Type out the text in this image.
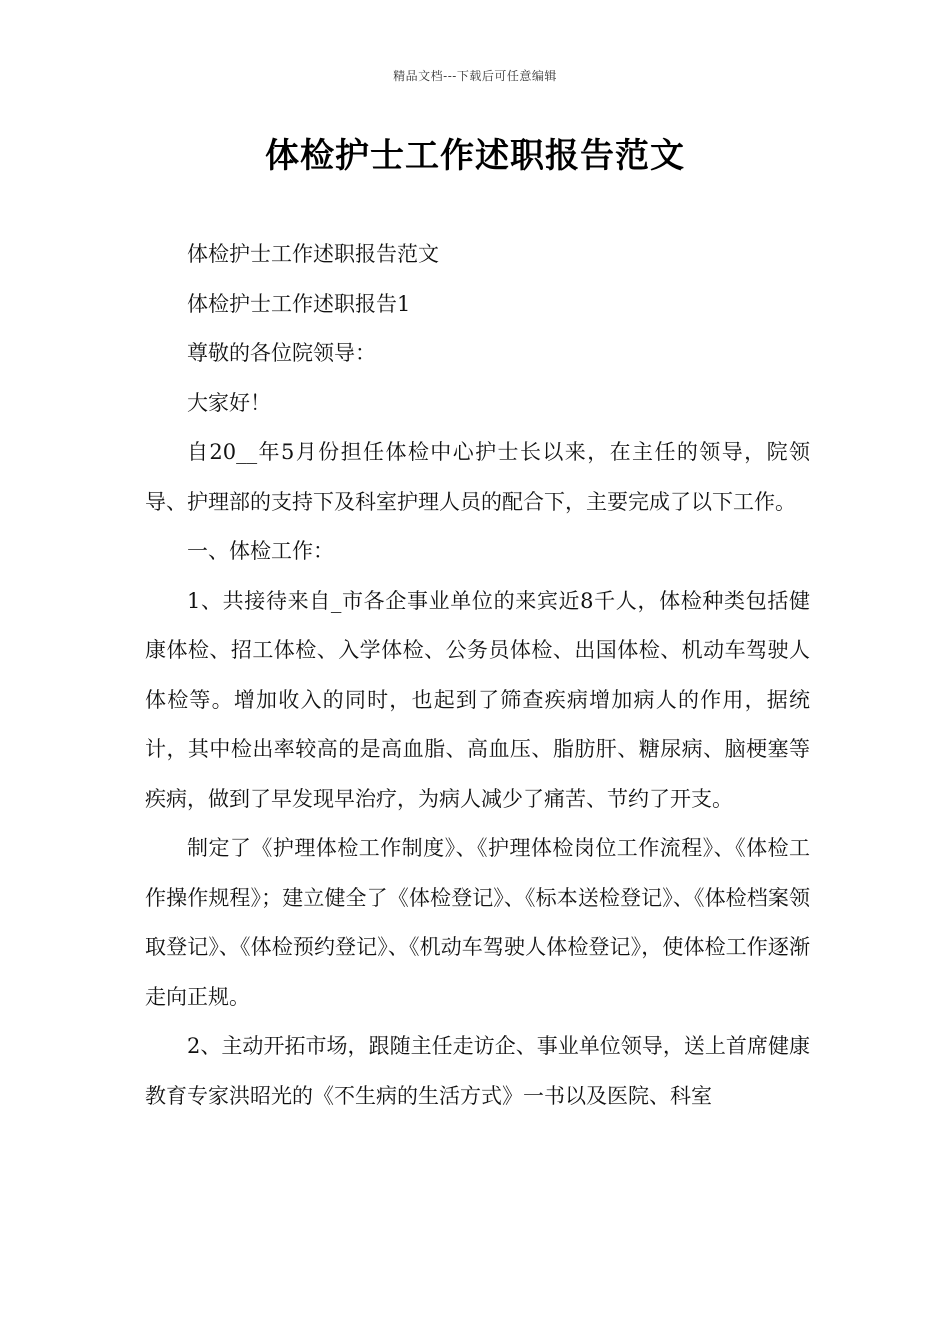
精品文档---下载后可任意编辑
体检护士工作述职报告范文

体检护士工作述职报告范文

体检护士工作述职报告1

尊敬的各位院领导：

大家好！

自20__年5月份担任体检中心护士长以来，在主任的领导，院领导、护理部的支持下及科室护理人员的配合下，主要完成了以下工作。

一、体检工作：

1、共接待来自_市各企事业单位的来宾近8千人，体检种类包括健康体检、招工体检、入学体检、公务员体检、出国体检、机动车驾驶人体检等。增加收入的同时，也起到了筛查疾病增加病人的作用，据统计，其中检出率较高的是高血脂、高血压、脂肪肝、糖尿病、脑梗塞等疾病，做到了早发现早治疗，为病人减少了痛苦、节约了开支。

制定了《护理体检工作制度》、《护理体检岗位工作流程》、《体检工作操作规程》；建立健全了《体检登记》、《标本送检登记》、《体检档案领取登记》、《体检预约登记》、《机动车驾驶人体检登记》，使体检工作逐渐走向正规。

2、主动开拓市场，跟随主任走访企、事业单位领导，送上首席健康教育专家洪昭光的《不生病的生活方式》一书以及医院、科室
